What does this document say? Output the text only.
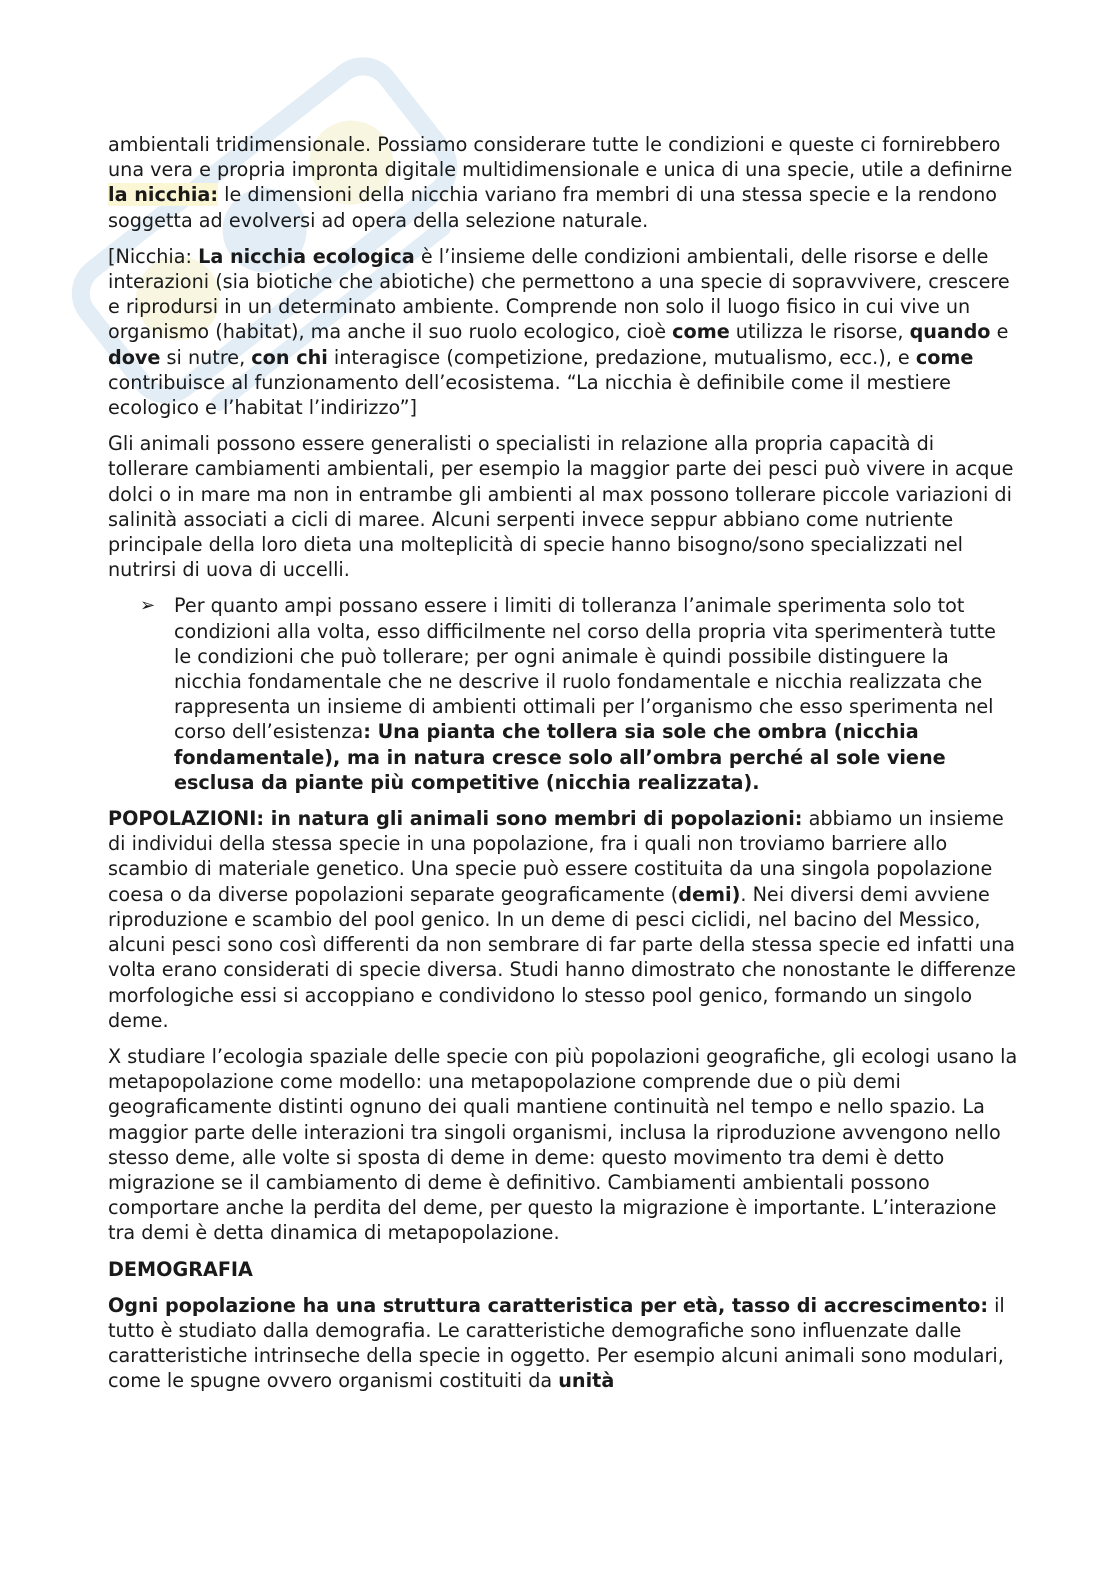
ambientali tridimensionale. Possiamo considerare tutte le condizioni e queste ci fornirebbero una vera e propria impronta digitale multidimensionale e unica di una specie, utile a definirne la nicchia: le dimensioni della nicchia variano fra membri di una stessa specie e la rendono soggetta ad evolversi ad opera della selezione naturale.

[Nicchia: La nicchia ecologica è l’insieme delle condizioni ambientali, delle risorse e delle interazioni (sia biotiche che abiotiche) che permettono a una specie di sopravvivere, crescere e riprodursi in un determinato ambiente. Comprende non solo il luogo fisico in cui vive un organismo (habitat), ma anche il suo ruolo ecologico, cioè come utilizza le risorse, quando e dove si nutre, con chi interagisce (competizione, predazione, mutualismo, ecc.), e come contribuisce al funzionamento dell’ecosistema. “La nicchia è definibile come il mestiere ecologico e l’habitat l’indirizzo”]

Gli animali possono essere generalisti o specialisti in relazione alla propria capacità di tollerare cambiamenti ambientali, per esempio la maggior parte dei pesci può vivere in acque dolci o in mare ma non in entrambe gli ambienti al max possono tollerare piccole variazioni di salinità associati a cicli di maree. Alcuni serpenti invece seppur abbiano come nutriente principale della loro dieta una molteplicità di specie hanno bisogno/sono specializzati nel nutrirsi di uova di uccelli.

➢ Per quanto ampi possano essere i limiti di tolleranza l’animale sperimenta solo tot condizioni alla volta, esso difficilmente nel corso della propria vita sperimenterà tutte le condizioni che può tollerare; per ogni animale è quindi possibile distinguere la nicchia fondamentale che ne descrive il ruolo fondamentale e nicchia realizzata che rappresenta un insieme di ambienti ottimali per l’organismo che esso sperimenta nel corso dell’esistenza: Una pianta che tollera sia sole che ombra (nicchia fondamentale), ma in natura cresce solo all’ombra perché al sole viene esclusa da piante più competitive (nicchia realizzata).

POPOLAZIONI: in natura gli animali sono membri di popolazioni: abbiamo un insieme di individui della stessa specie in una popolazione, fra i quali non troviamo barriere allo scambio di materiale genetico. Una specie può essere costituita da una singola popolazione coesa o da diverse popolazioni separate geograficamente (demi). Nei diversi demi avviene riproduzione e scambio del pool genico. In un deme di pesci ciclidi, nel bacino del Messico, alcuni pesci sono così differenti da non sembrare di far parte della stessa specie ed infatti una volta erano considerati di specie diversa. Studi hanno dimostrato che nonostante le differenze morfologiche essi si accoppiano e condividono lo stesso pool genico, formando un singolo deme.

X studiare l’ecologia spaziale delle specie con più popolazioni geografiche, gli ecologi usano la metapopolazione come modello: una metapopolazione comprende due o più demi geograficamente distinti ognuno dei quali mantiene continuità nel tempo e nello spazio. La maggior parte delle interazioni tra singoli organismi, inclusa la riproduzione avvengono nello stesso deme, alle volte si sposta di deme in deme: questo movimento tra demi è detto migrazione se il cambiamento di deme è definitivo. Cambiamenti ambientali possono comportare anche la perdita del deme, per questo la migrazione è importante. L’interazione tra demi è detta dinamica di metapopolazione.

DEMOGRAFIA

Ogni popolazione ha una struttura caratteristica per età, tasso di accrescimento: il tutto è studiato dalla demografia. Le caratteristiche demografiche sono influenzate dalle caratteristiche intrinseche della specie in oggetto. Per esempio alcuni animali sono modulari, come le spugne ovvero organismi costituiti da unità
